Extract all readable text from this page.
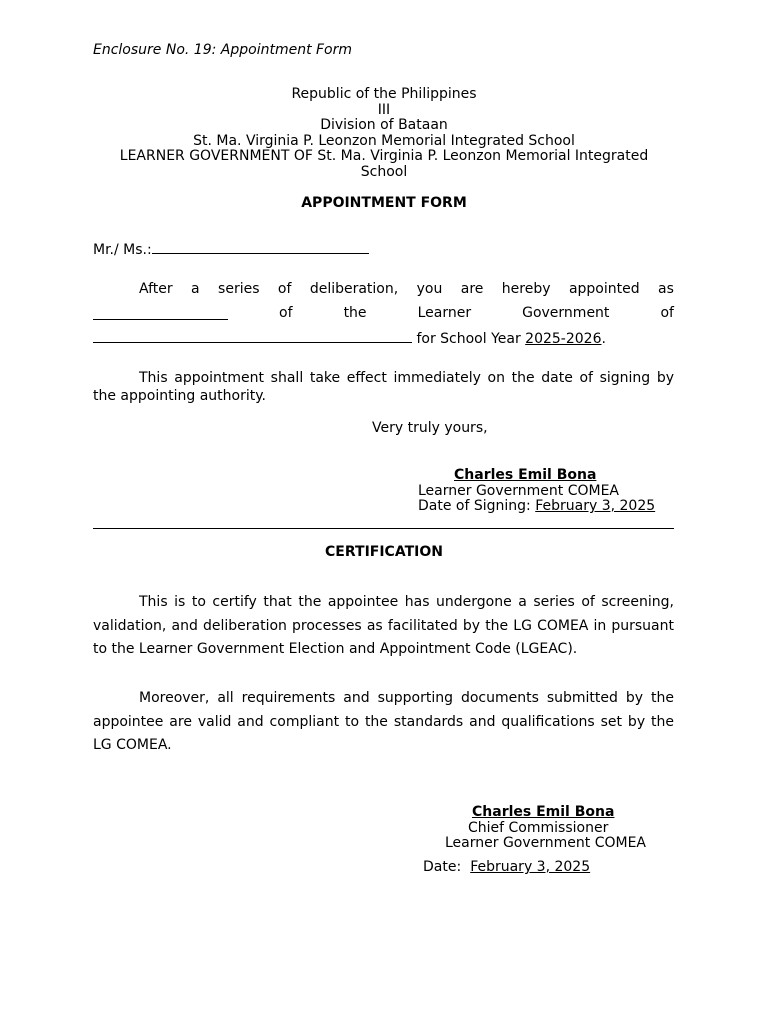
Enclosure No. 19: Appointment Form
Republic of the Philippines
III
Division of Bataan
St. Ma. Virginia P. Leonzon Memorial Integrated School
LEARNER GOVERNMENT OF St. Ma. Virginia P. Leonzon Memorial Integrated
School
APPOINTMENT FORM
Mr./ Ms.:
After a series of deliberation, you are hereby appointed as
of	the	Learner	Government	of
for School Year 2025-2026.
This appointment shall take effect immediately on the date of signing by the appointing authority.
Very truly yours,
Charles Emil Bona
Learner Government COMEA
Date of Signing: February 3, 2025
CERTIFICATION
This is to certify that the appointee has undergone a series of screening, validation, and deliberation processes as facilitated by the LG COMEA in pursuant to the Learner Government Election and Appointment Code (LGEAC).
Moreover, all requirements and supporting documents submitted by the appointee are valid and compliant to the standards and qualifications set by the LG COMEA.
Charles Emil Bona
Chief Commissioner
Learner Government COMEA
Date: February 3, 2025
